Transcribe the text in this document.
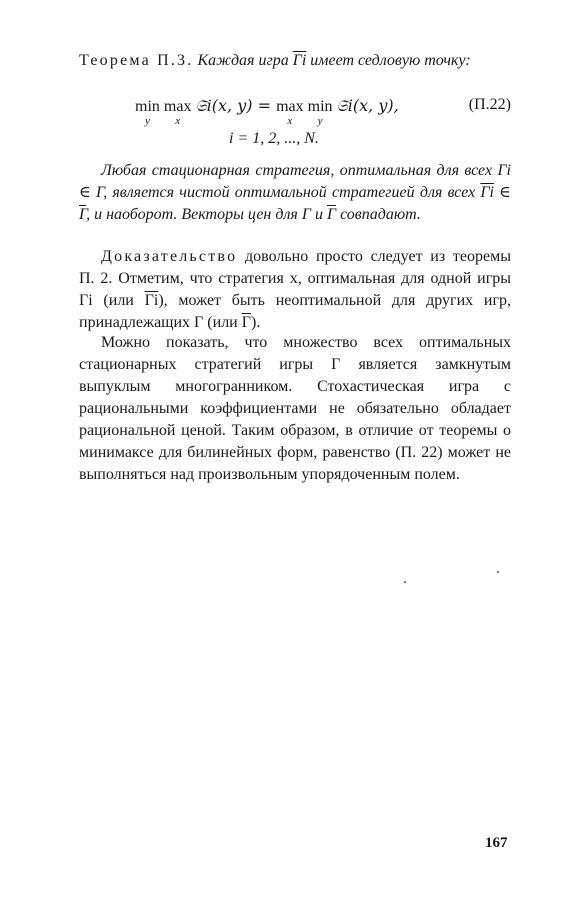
Теорема П.3. Каждая игра $\overline{\Gamma i}$ имеет седловую точку:

min
y
max
x
𝔖i(x, y) = max
x
min
y
𝔖i(x, y),	(П.22)
i = 1, 2, ..., N.

Любая стационарная стратегия, оптимальная для всех Γi ∈ Γ, является чистой оптимальной стратегией для всех $\overline{\Gamma i}$ ∈ $\overline{\Gamma}$, и наоборот. Векторы цен для Γ и $\overline{\Gamma}$ совпадают.

Доказательство довольно просто следует из теоремы П. 2. Отметим, что стратегия x, оптимальная для одной игры Γi (или $\overline{\Gamma i}$), может быть неоптимальной для других игр, принадлежащих Γ (или $\overline{\Gamma}$).

Можно показать, что множество всех оптимальных стационарных стратегий игры Γ является замкнутым выпуклым многогранником. Стохастическая игра с рациональными коэффициентами не обязательно обладает рациональной ценой. Таким образом, в отличие от теоремы о минимаксе для билинейных форм, равенство (П. 22) может не выполняться над произвольным упорядоченным полем.

167
